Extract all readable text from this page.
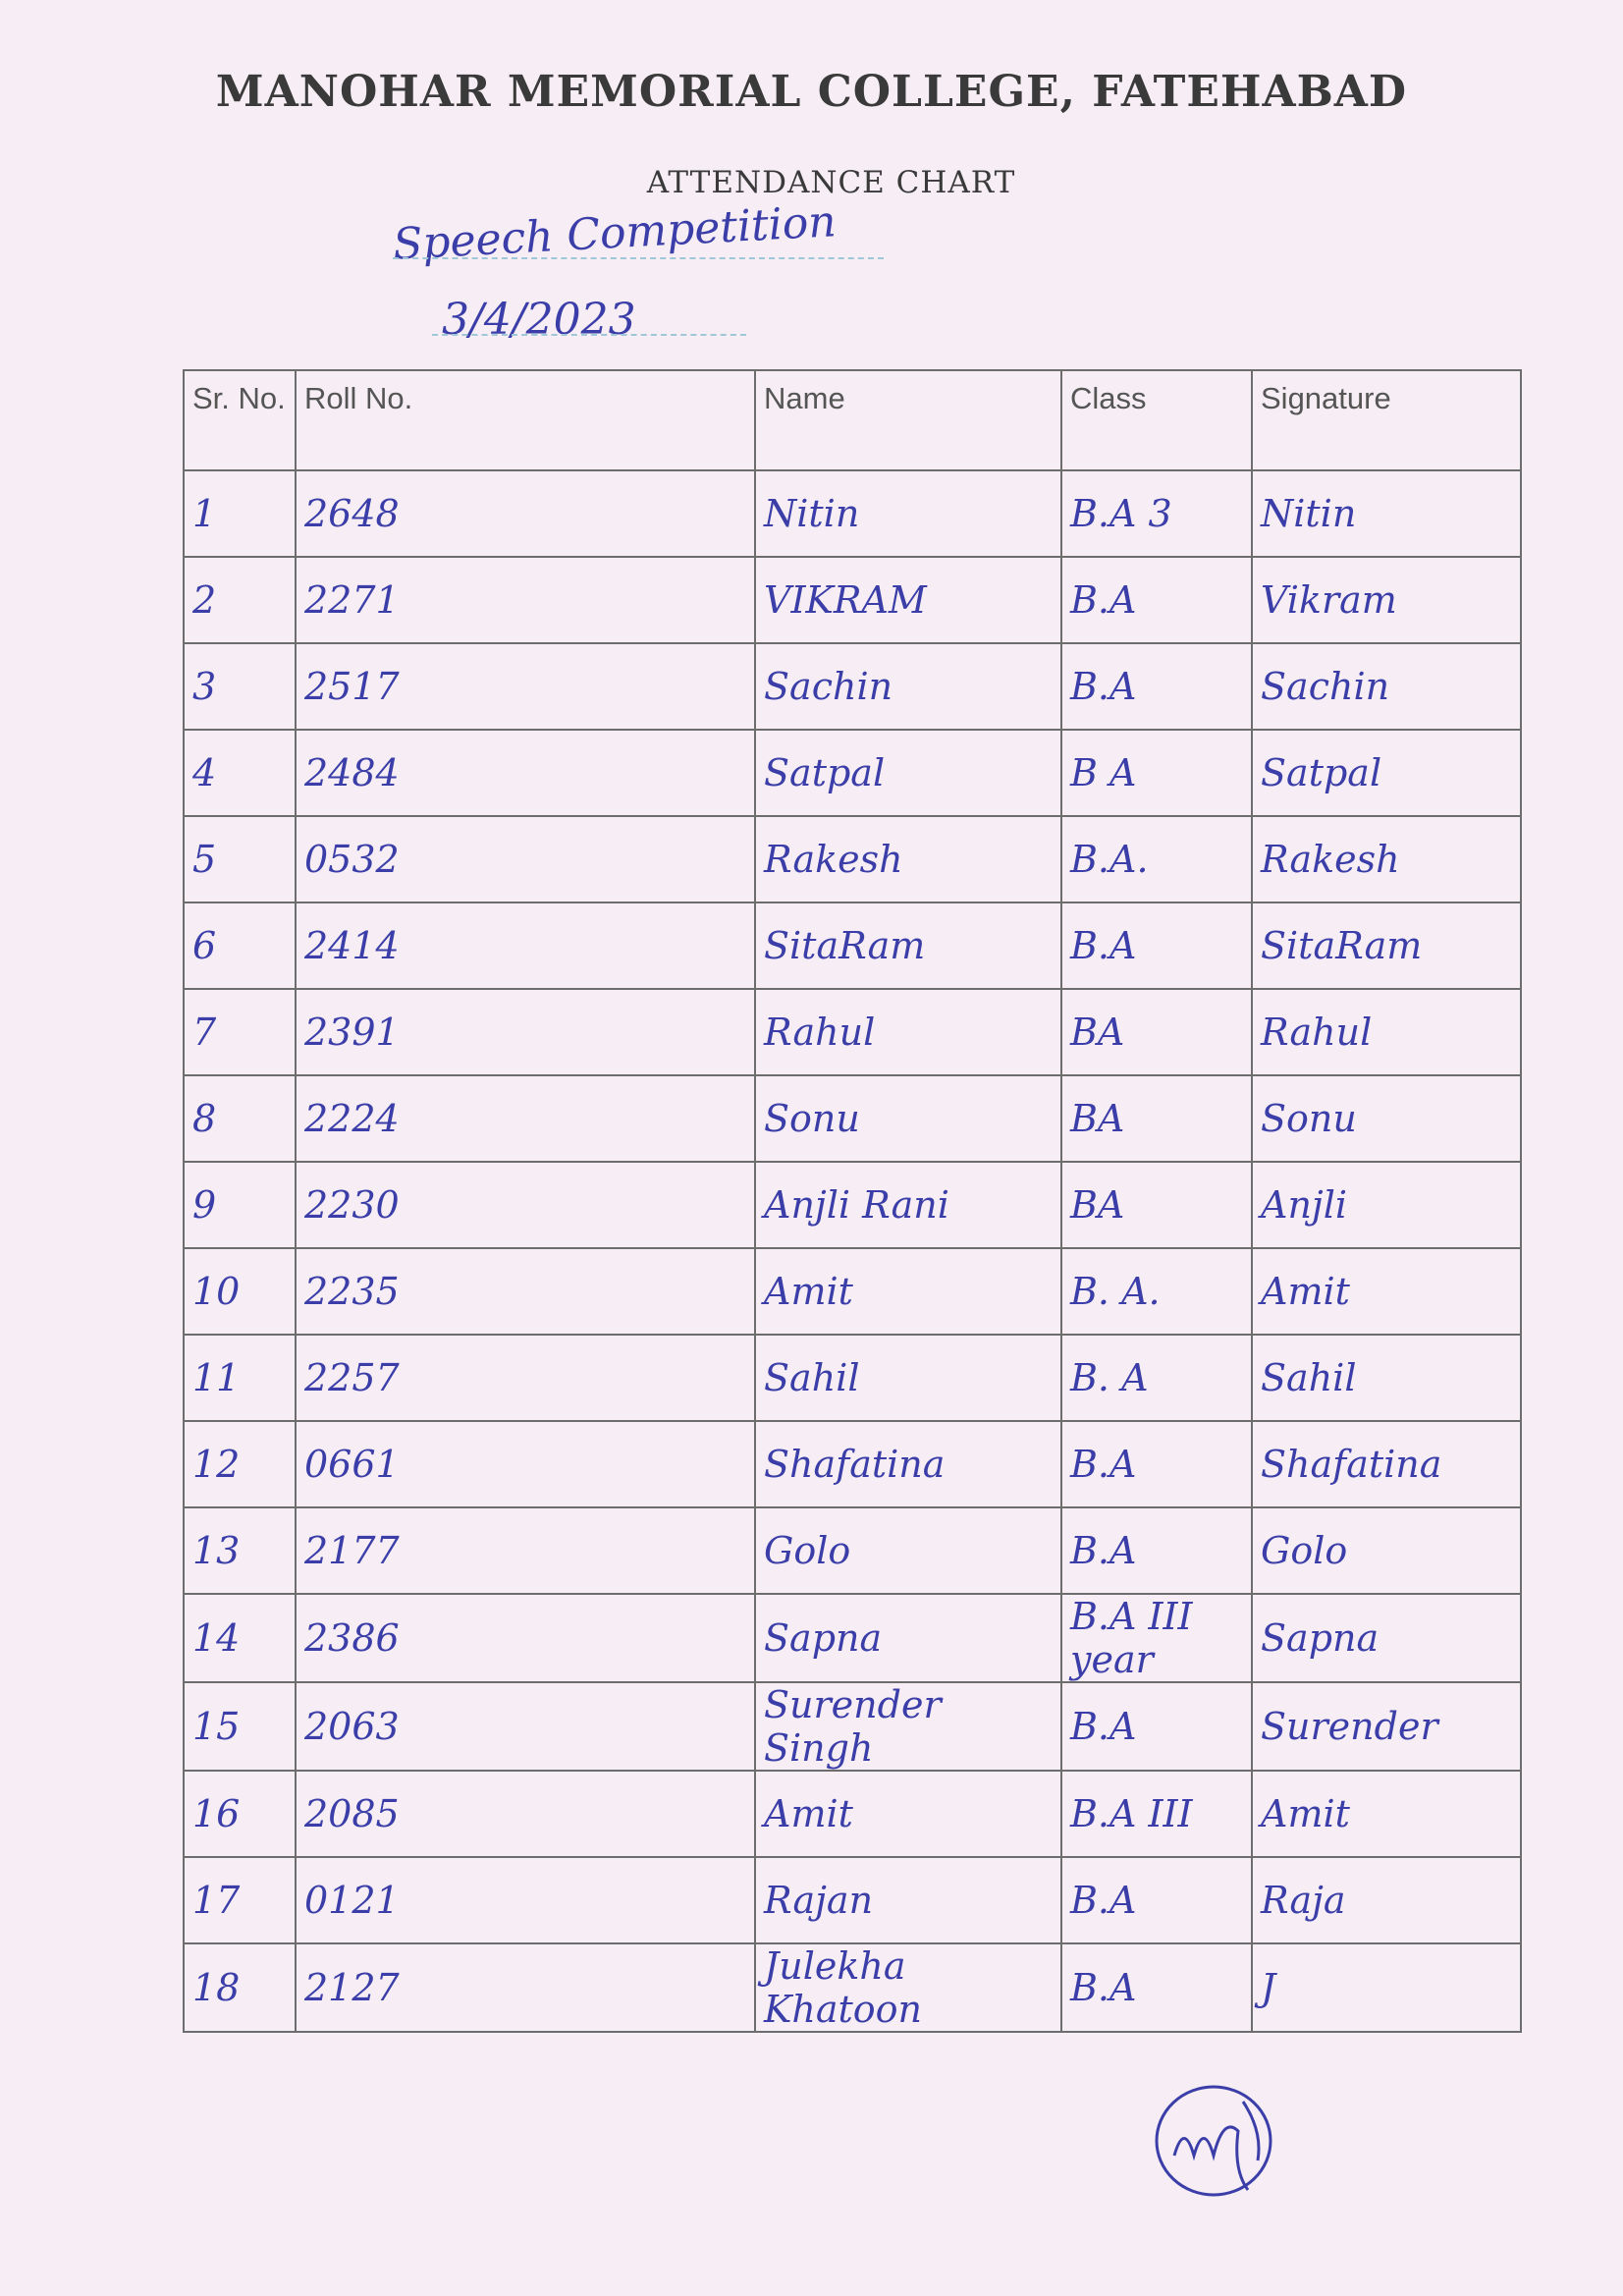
MANOHAR MEMORIAL COLLEGE, FATEHABAD
ATTENDANCE CHART
Speech Competition
3/4/2023
Sr. No.	Roll No.	Name	Class	Signature
1	2648	Nitin	B.A 3	Nitin
2	2271	VIKRAM	B.A	Vikram
3	2517	Sachin	B.A	Sachin
4	2484	Satpal	B A	Satpal
5	0532	Rakesh	B.A.	Rakesh
6	2414	SitaRam	B.A	SitaRam
7	2391	Rahul	BA	Rahul
8	2224	Sonu	BA	Sonu
9	2230	Anjli Rani	BA	Anjli
10	2235	Amit	B. A.	Amit
11	2257	Sahil	B. A	Sahil
12	0661	Shafatina	B.A	Shafatina
13	2177	Golo	B.A	Golo
14	2386	Sapna	B.A III year	Sapna
15	2063	Surender Singh	B.A	Surender
16	2085	Amit	B.A III	Amit
17	0121	Rajan	B.A	Raja
18	2127	Julekha Khatoon	B.A	J
